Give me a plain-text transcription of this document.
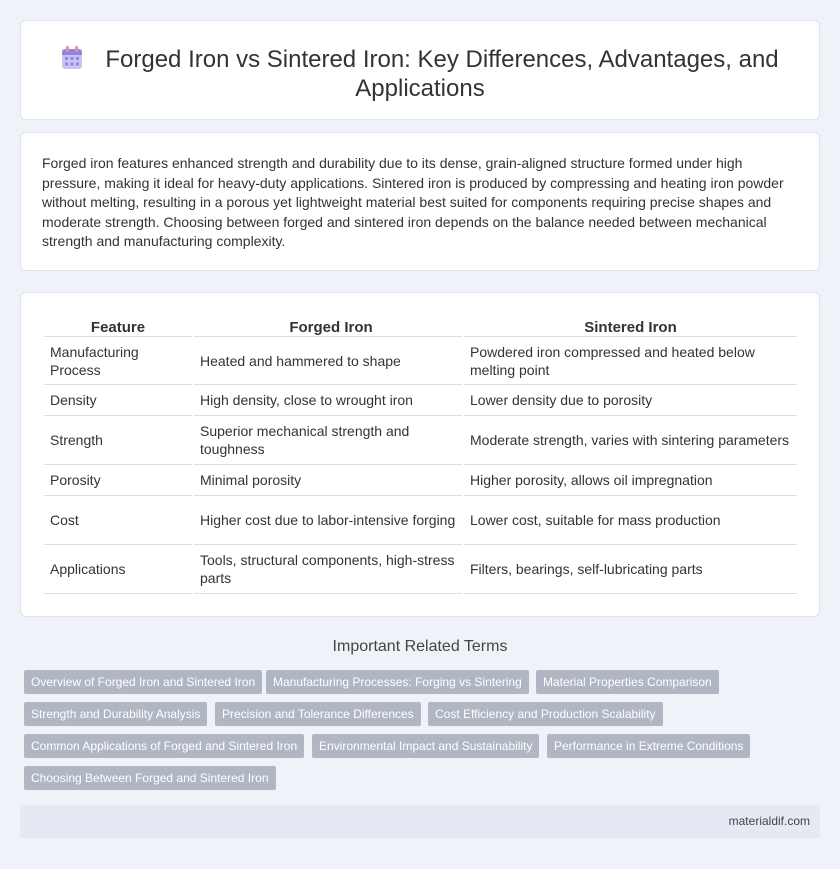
Forged Iron vs Sintered Iron: Key Differences, Advantages, and Applications

Forged iron features enhanced strength and durability due to its dense, grain-aligned structure formed under high pressure, making it ideal for heavy-duty applications. Sintered iron is produced by compressing and heating iron powder without melting, resulting in a porous yet lightweight material best suited for components requiring precise shapes and moderate strength. Choosing between forged and sintered iron depends on the balance needed between mechanical strength and manufacturing complexity.

Feature	Forged Iron	Sintered Iron
Manufacturing Process	Heated and hammered to shape	Powdered iron compressed and heated below melting point
Density	High density, close to wrought iron	Lower density due to porosity
Strength	Superior mechanical strength and toughness	Moderate strength, varies with sintering parameters
Porosity	Minimal porosity	Higher porosity, allows oil impregnation
Cost	Higher cost due to labor-intensive forging	Lower cost, suitable for mass production
Applications	Tools, structural components, high-stress parts	Filters, bearings, self-lubricating parts
Important Related Terms
Overview of Forged Iron and Sintered Iron	Manufacturing Processes: Forging vs Sintering	Material Properties Comparison
Strength and Durability Analysis	Precision and Tolerance Differences	Cost Efficiency and Production Scalability
Common Applications of Forged and Sintered Iron	Environmental Impact and Sustainability	Performance in Extreme Conditions
Choosing Between Forged and Sintered Iron
materialdif.com
